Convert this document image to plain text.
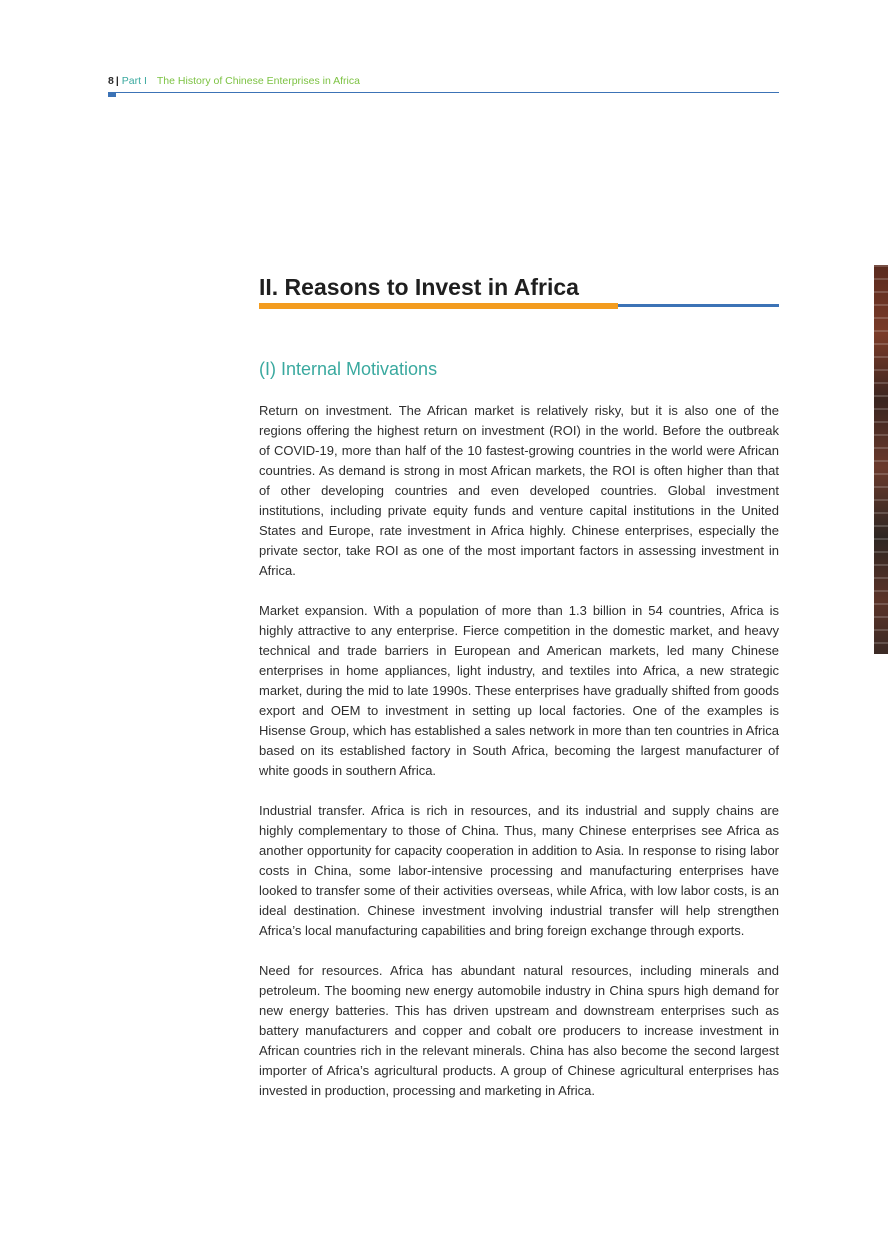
8 | Part I The History of Chinese Enterprises in Africa
II. Reasons to Invest in Africa
(I) Internal Motivations

Return on investment. The African market is relatively risky, but it is also one of the regions offering the highest return on investment (ROI) in the world. Before the outbreak of COVID-19, more than half of the 10 fastest-growing countries in the world were African countries. As demand is strong in most African markets, the ROI is often higher than that of other developing countries and even developed countries. Global investment institutions, including private equity funds and venture capital institutions in the United States and Europe, rate investment in Africa highly. Chinese enterprises, especially the private sector, take ROI as one of the most important factors in assessing investment in Africa.

Market expansion. With a population of more than 1.3 billion in 54 countries, Africa is highly attractive to any enterprise. Fierce competition in the domestic market, and heavy technical and trade barriers in European and American markets, led many Chinese enterprises in home appliances, light industry, and textiles into Africa, a new strategic market, during the mid to late 1990s. These enterprises have gradually shifted from goods export and OEM to investment in setting up local factories. One of the examples is Hisense Group, which has established a sales network in more than ten countries in Africa based on its established factory in South Africa, becoming the largest manufacturer of white goods in southern Africa.

Industrial transfer. Africa is rich in resources, and its industrial and supply chains are highly complementary to those of China. Thus, many Chinese enterprises see Africa as another opportunity for capacity cooperation in addition to Asia. In response to rising labor costs in China, some labor-intensive processing and manufacturing enterprises have looked to transfer some of their activities overseas, while Africa, with low labor costs, is an ideal destination. Chinese investment involving industrial transfer will help strengthen Africa’s local manufacturing capabilities and bring foreign exchange through exports.

Need for resources. Africa has abundant natural resources, including minerals and petroleum. The booming new energy automobile industry in China spurs high demand for new energy batteries. This has driven upstream and downstream enterprises such as battery manufacturers and copper and cobalt ore producers to increase investment in African countries rich in the relevant minerals. China has also become the second largest importer of Africa’s agricultural products. A group of Chinese agricultural enterprises has invested in production, processing and marketing in Africa.
